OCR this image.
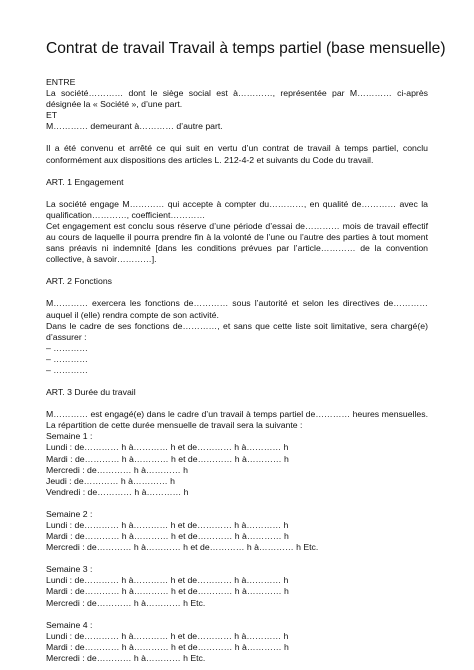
Contrat de travail Travail à temps partiel (base mensuelle)

ENTRE

La société………… dont le siège social est à…………, représentée par M………… ci-après désignée la « Société », d’une part.

ET

M………… demeurant à………… d’autre part.

Il a été convenu et arrêté ce qui suit en vertu d’un contrat de travail à temps partiel, conclu conformément aux dispositions des articles L. 212-4-2 et suivants du Code du travail.

ART. 1 Engagement

La société engage M………… qui accepte à compter du…………, en qualité de………… avec la qualification…………, coefficient…………

Cet engagement est conclu sous réserve d’une période d’essai de………… mois de travail effectif au cours de laquelle il pourra prendre fin à la volonté de l’une ou l’autre des parties à tout moment sans préavis ni indemnité [dans les conditions prévues par l’article………… de la convention collective, à savoir…………].

ART. 2 Fonctions

M………… exercera les fonctions de………… sous l’autorité et selon les directives de………… auquel il (elle) rendra compte de son activité.

Dans le cadre de ses fonctions de…………, et sans que cette liste soit limitative, sera chargé(e) d’assurer :

– …………

– …………

– …………

ART. 3 Durée du travail

M………… est engagé(e) dans le cadre d’un travail à temps partiel de………… heures mensuelles. La répartition de cette durée mensuelle de travail sera la suivante :

Semaine 1 :

Lundi : de………… h à………… h et de………… h à………… h

Mardi : de………… h à………… h et de………… h à………… h

Mercredi : de………… h à………… h

Jeudi : de………… h à………… h

Vendredi : de………… h à………… h

Semaine 2 :

Lundi : de………… h à………… h et de………… h à………… h

Mardi : de………… h à………… h et de………… h à………… h

Mercredi : de………… h à………… h et de………… h à………… h Etc.

Semaine 3 :

Lundi : de………… h à………… h et de………… h à………… h

Mardi : de………… h à………… h et de………… h à………… h

Mercredi : de………… h à………… h Etc.

Semaine 4 :

Lundi : de………… h à………… h et de………… h à………… h

Mardi : de………… h à………… h et de………… h à………… h

Mercredi : de………… h à………… h Etc.
